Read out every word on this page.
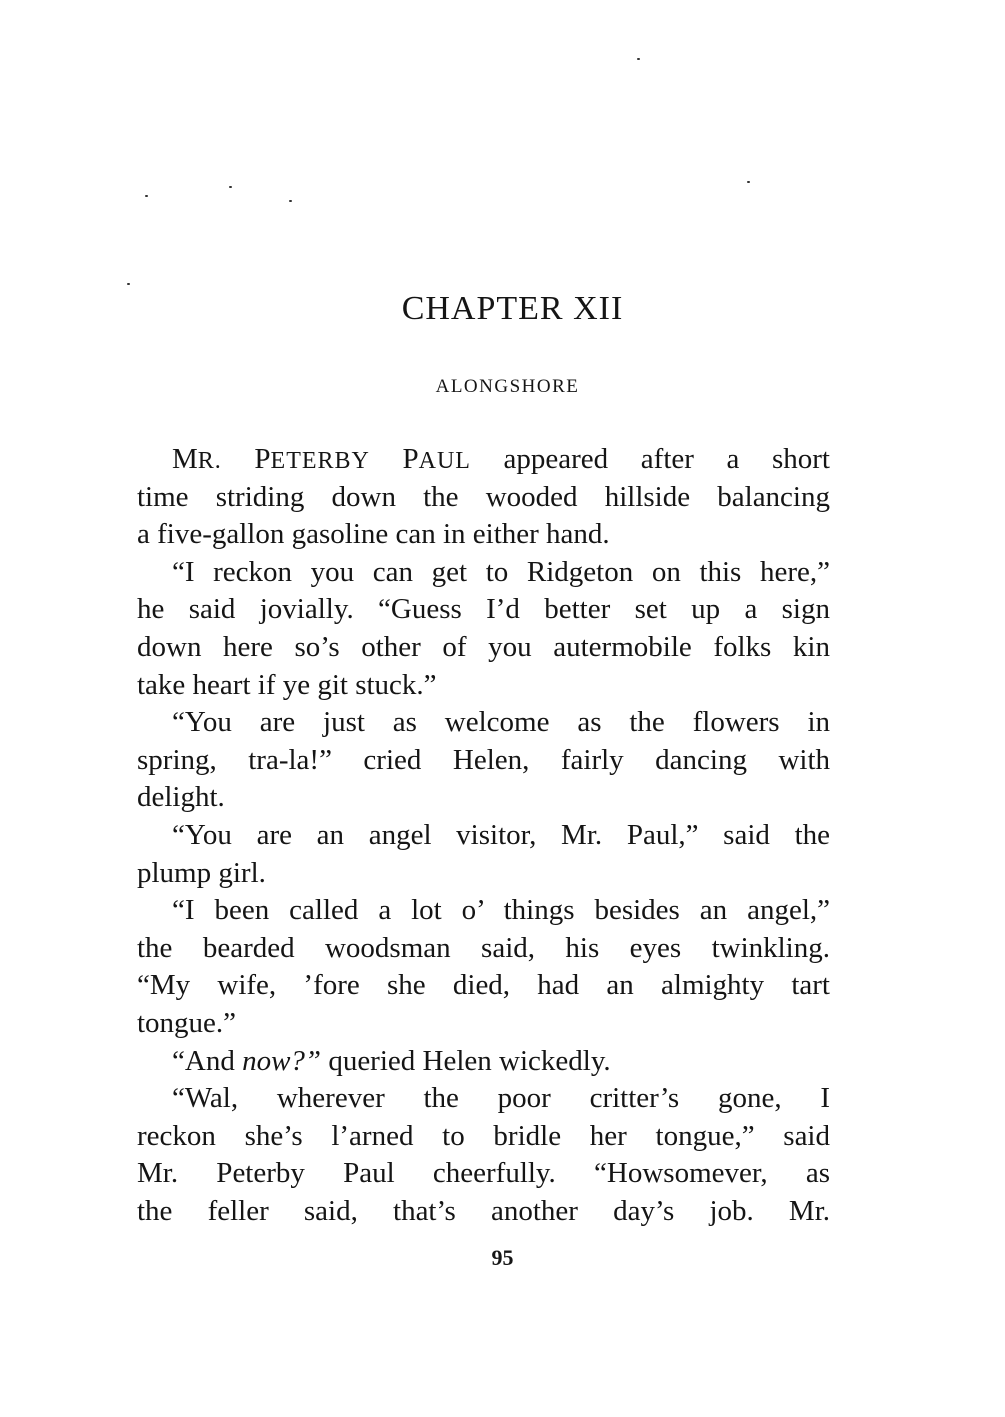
CHAPTER XII
ALONGSHORE
MR. PETERBY PAUL appeared after a short
time striding down the wooded hillside balancing
a five-gallon gasoline can in either hand.
“I reckon you can get to Ridgeton on this here,”
he said jovially. “Guess I’d better set up a sign
down here so’s other of you autermobile folks kin
take heart if ye git stuck.”
“You are just as welcome as the flowers in
spring, tra-la!” cried Helen, fairly dancing with
delight.
“You are an angel visitor, Mr. Paul,” said the
plump girl.
“I been called a lot o’ things besides an angel,”
the bearded woodsman said, his eyes twinkling.
“My wife, ’fore she died, had an almighty tart
tongue.”
“And now?” queried Helen wickedly.
“Wal, wherever the poor critter’s gone, I
reckon she’s l’arned to bridle her tongue,” said
Mr. Peterby Paul cheerfully. “Howsomever, as
the feller said, that’s another day’s job. Mr.
95
